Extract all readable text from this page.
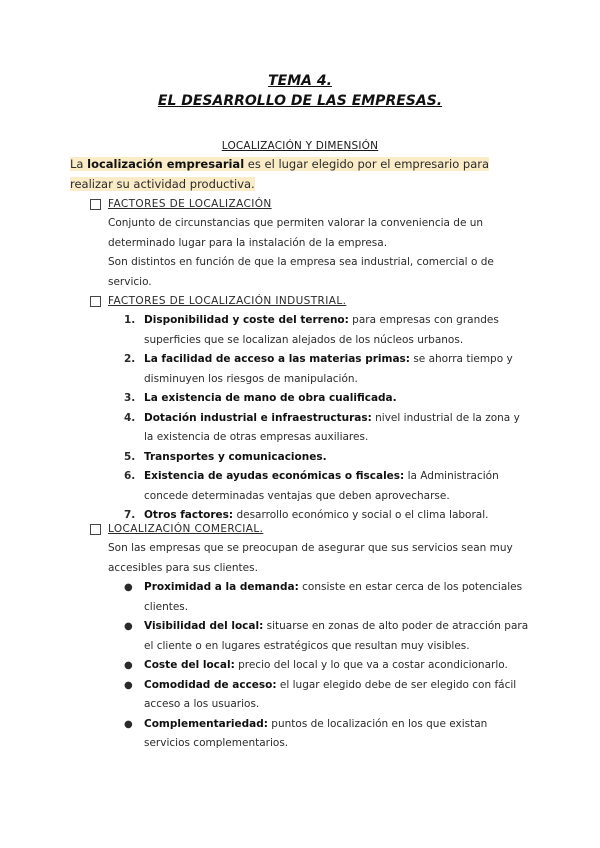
TEMA 4.
EL DESARROLLO DE LAS EMPRESAS.
LOCALIZACIÓN Y DIMENSIÓN
La localización empresarial es el lugar elegido por el empresario para realizar su actividad productiva.
FACTORES DE LOCALIZACIÓN
Conjunto de circunstancias que permiten valorar la conveniencia de un determinado lugar para la instalación de la empresa.
Son distintos en función de que la empresa sea industrial, comercial o de servicio.
FACTORES DE LOCALIZACIÓN INDUSTRIAL.
1. Disponibilidad y coste del terreno: para empresas con grandes superficies que se localizan alejados de los núcleos urbanos.
2. La facilidad de acceso a las materias primas: se ahorra tiempo y disminuyen los riesgos de manipulación.
3. La existencia de mano de obra cualificada.
4. Dotación industrial e infraestructuras: nivel industrial de la zona y la existencia de otras empresas auxiliares.
5. Transportes y comunicaciones.
6. Existencia de ayudas económicas o fiscales: la Administración concede determinadas ventajas que deben aprovecharse.
7. Otros factores: desarrollo económico y social o el clima laboral.
LOCALIZACIÓN COMERCIAL.
Son las empresas que se preocupan de asegurar que sus servicios sean muy accesibles para sus clientes.
●	Proximidad a la demanda: consiste en estar cerca de los potenciales clientes.
●	Visibilidad del local: situarse en zonas de alto poder de atracción para el cliente o en lugares estratégicos que resultan muy visibles.
●	Coste del local: precio del local y lo que va a costar acondicionarlo.
●	Comodidad de acceso: el lugar elegido debe de ser elegido con fácil acceso a los usuarios.
●	Complementariedad: puntos de localización en los que existan servicios complementarios.
